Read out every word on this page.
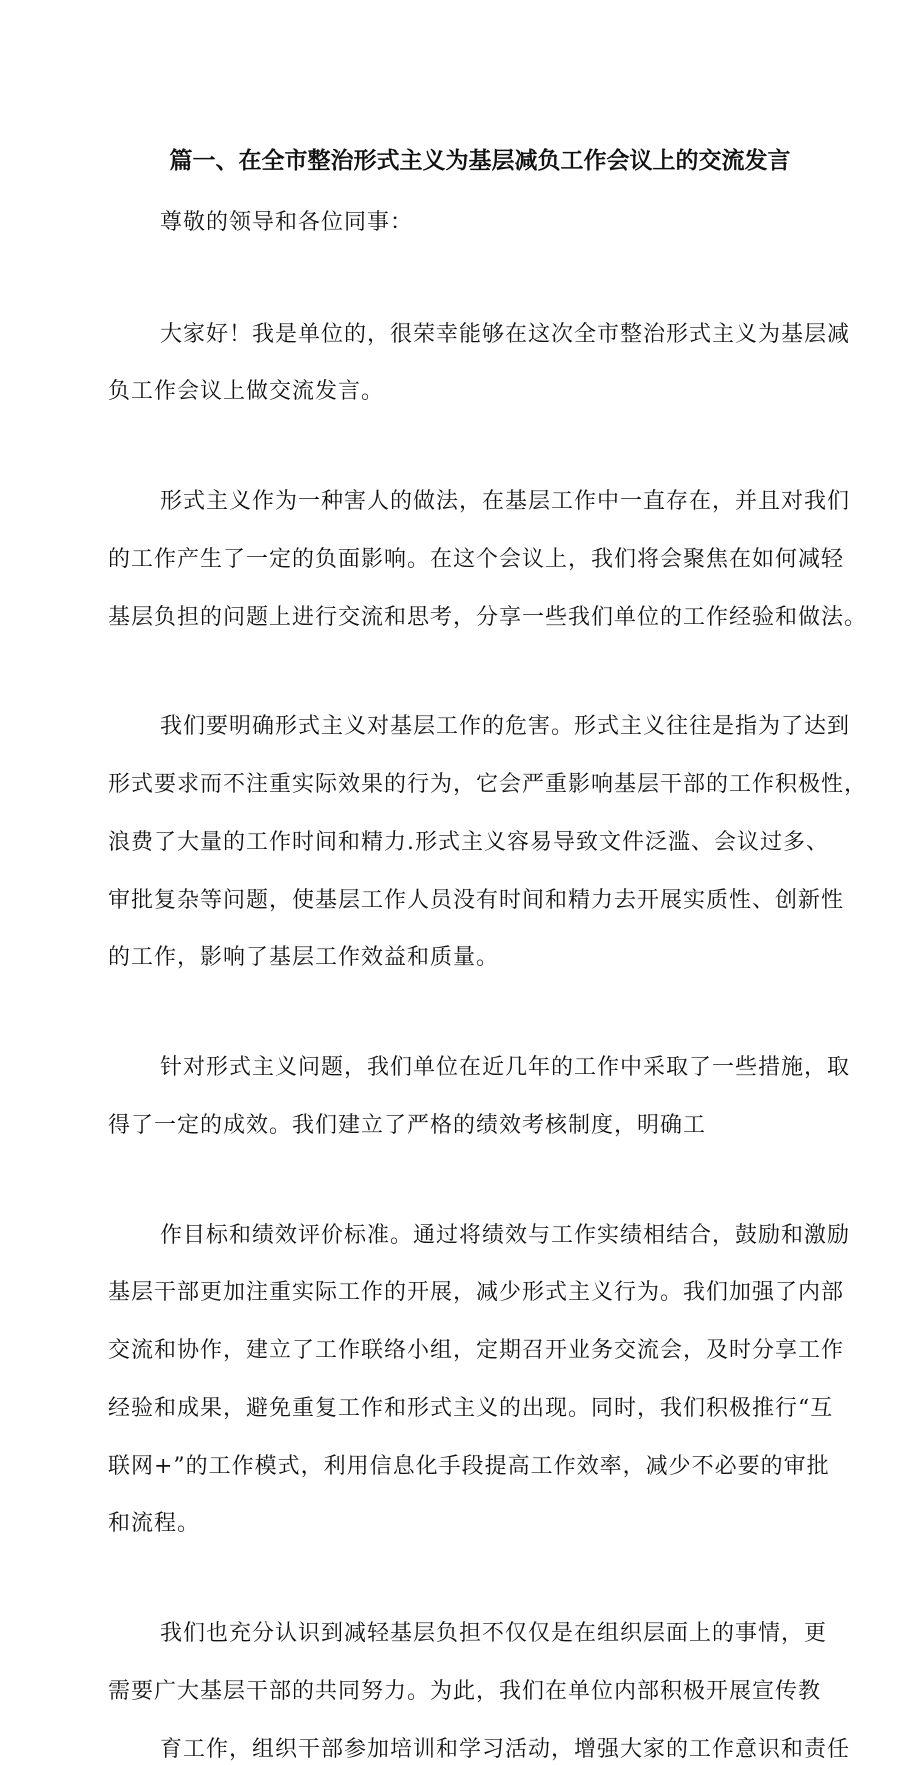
篇一、在全市整治形式主义为基层减负工作会议上的交流发言
尊敬的领导和各位同事：
大家好！我是单位的，很荣幸能够在这次全市整治形式主义为基层减
负工作会议上做交流发言。
形式主义作为一种害人的做法，在基层工作中一直存在，并且对我们
的工作产生了一定的负面影响。在这个会议上，我们将会聚焦在如何减轻
基层负担的问题上进行交流和思考，分享一些我们单位的工作经验和做法。
我们要明确形式主义对基层工作的危害。形式主义往往是指为了达到
形式要求而不注重实际效果的行为，它会严重影响基层干部的工作积极性，
浪费了大量的工作时间和精力.形式主义容易导致文件泛滥、会议过多、
审批复杂等问题，使基层工作人员没有时间和精力去开展实质性、创新性
的工作，影响了基层工作效益和质量。
针对形式主义问题，我们单位在近几年的工作中采取了一些措施，取
得了一定的成效。我们建立了严格的绩效考核制度，明确工
作目标和绩效评价标准。通过将绩效与工作实绩相结合，鼓励和激励
基层干部更加注重实际工作的开展，减少形式主义行为。我们加强了内部
交流和协作，建立了工作联络小组，定期召开业务交流会，及时分享工作
经验和成果，避免重复工作和形式主义的出现。同时，我们积极推行“互
联网+”的工作模式，利用信息化手段提高工作效率，减少不必要的审批
和流程。
我们也充分认识到减轻基层负担不仅仅是在组织层面上的事情，更
需要广大基层干部的共同努力。为此，我们在单位内部积极开展宣传教
育工作，组织干部参加培训和学习活动，增强大家的工作意识和责任
